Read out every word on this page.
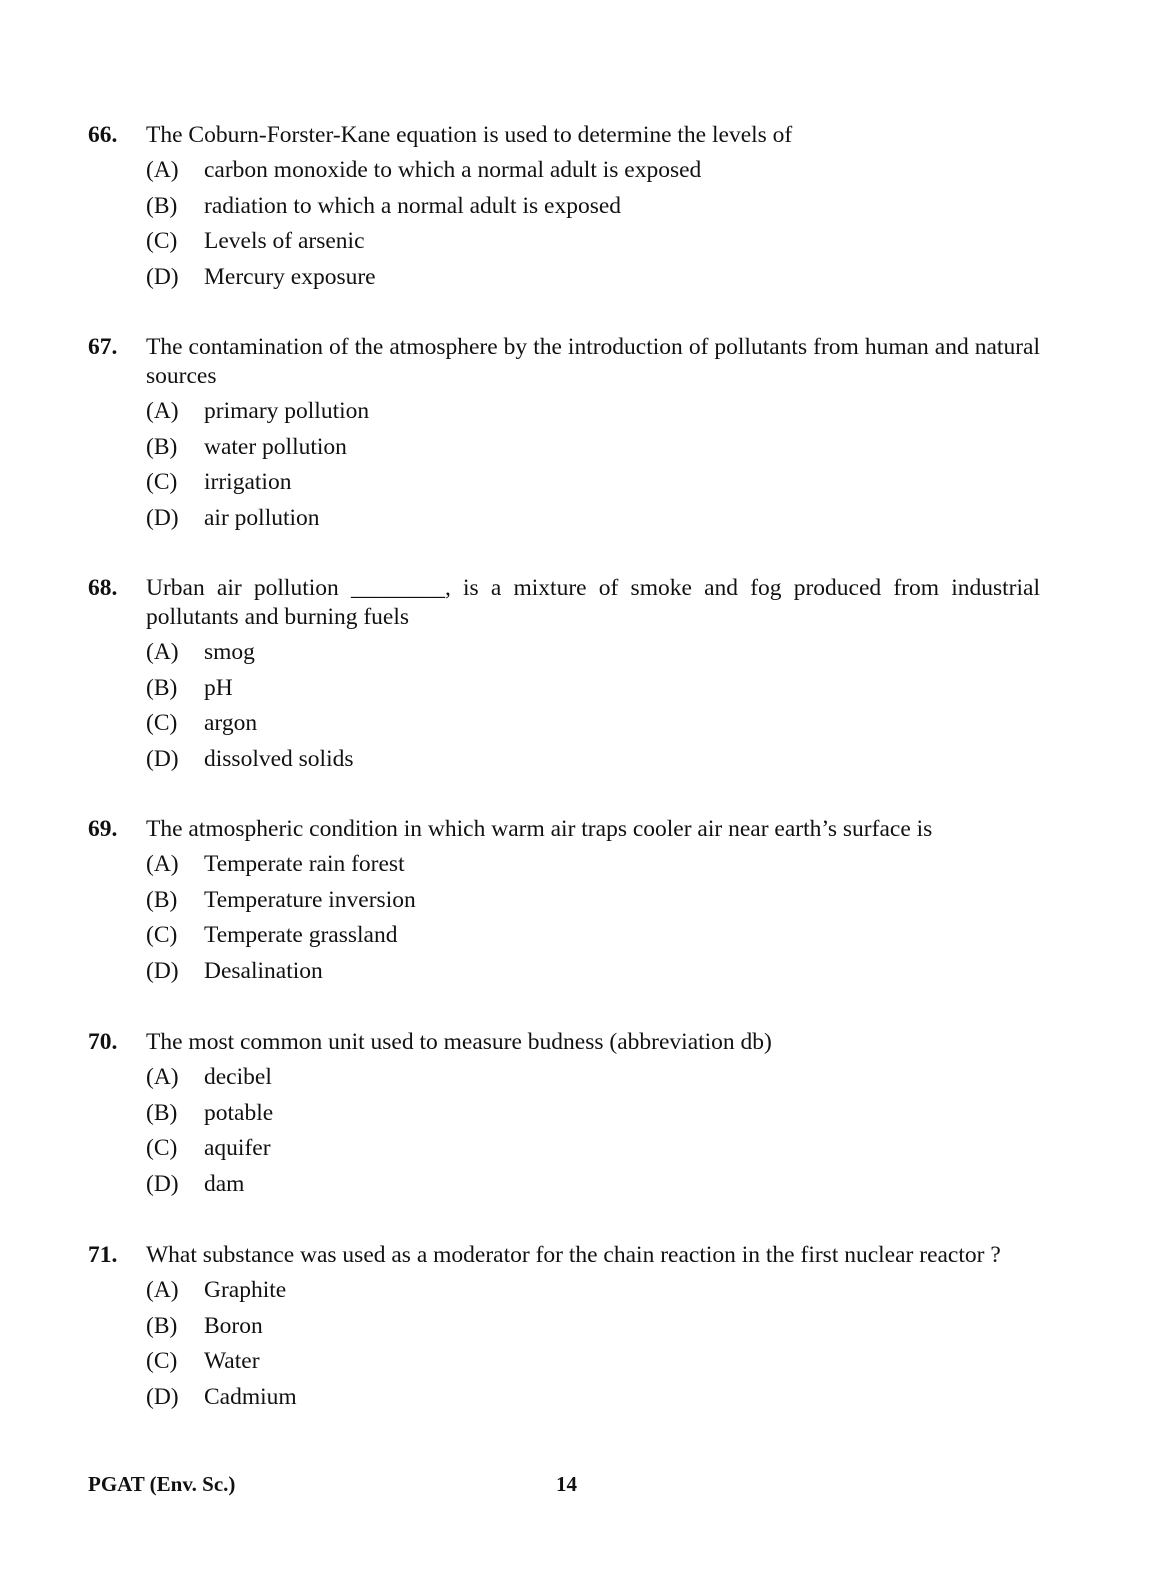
66. The Coburn-Forster-Kane equation is used to determine the levels of
(A) carbon monoxide to which a normal adult is exposed
(B) radiation to which a normal adult is exposed
(C) Levels of arsenic
(D) Mercury exposure
67. The contamination of the atmosphere by the introduction of pollutants from human and natural sources
(A) primary pollution
(B) water pollution
(C) irrigation
(D) air pollution
68. Urban air pollution ________, is a mixture of smoke and fog produced from industrial pollutants and burning fuels
(A) smog
(B) pH
(C) argon
(D) dissolved solids
69. The atmospheric condition in which warm air traps cooler air near earth’s surface is
(A) Temperate rain forest
(B) Temperature inversion
(C) Temperate grassland
(D) Desalination
70. The most common unit used to measure budness (abbreviation db)
(A) decibel
(B) potable
(C) aquifer
(D) dam
71. What substance was used as a moderator for the chain reaction in the first nuclear reactor ?
(A) Graphite
(B) Boron
(C) Water
(D) Cadmium
PGAT (Env. Sc.)	14
